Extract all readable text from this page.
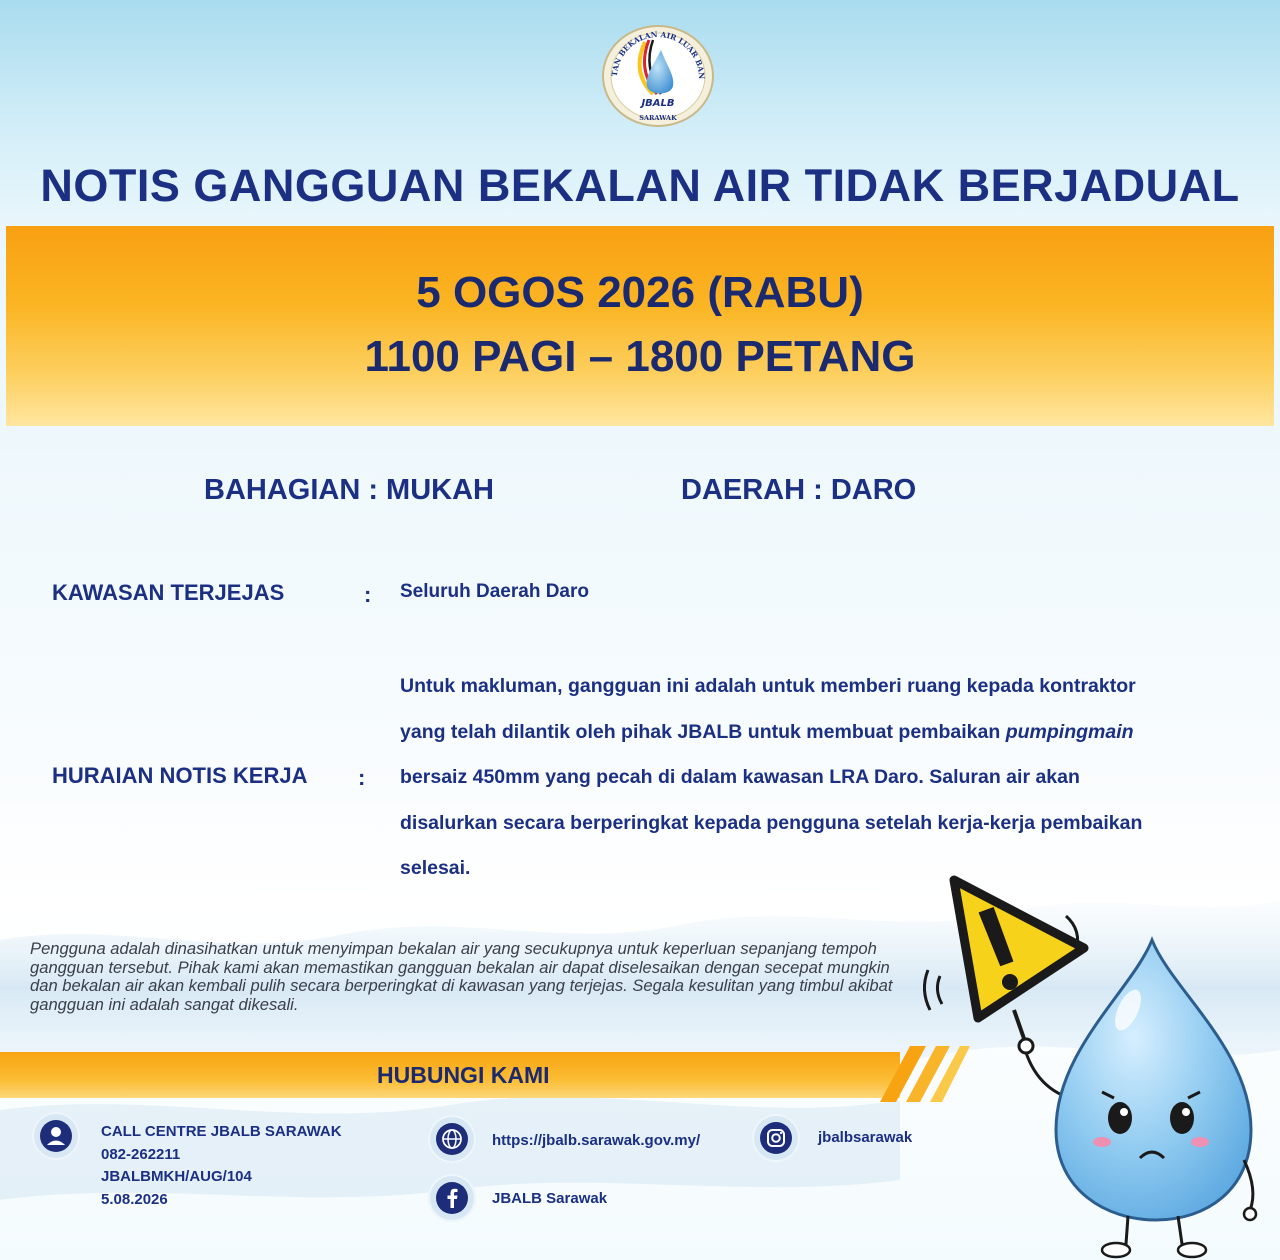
TAN BEKALAN AIR LUAR BAN
JBALB
SARAWAK
NOTIS GANGGUAN BEKALAN AIR TIDAK BERJADUAL
5 OGOS 2026 (RABU)
1100 PAGI – 1800 PETANG
BAHAGIAN : MUKAH	DAERAH : DARO
KAWASAN TERJEJAS	: Seluruh Daerah Daro
HURAIAN NOTIS KERJA :
Untuk makluman, gangguan ini adalah untuk memberi ruang kepada kontraktor
yang telah dilantik oleh pihak JBALB untuk membuat pembaikan pumpingmain
bersaiz 450mm yang pecah di dalam kawasan LRA Daro. Saluran air akan
disalurkan secara berperingkat kepada pengguna setelah kerja-kerja pembaikan
selesai.
Pengguna adalah dinasihatkan untuk menyimpan bekalan air yang secukupnya untuk keperluan sepanjang tempoh gangguan tersebut. Pihak kami akan memastikan gangguan bekalan air dapat diselesaikan dengan secepat mungkin dan bekalan air akan kembali pulih secara berperingkat di kawasan yang terjejas. Segala kesulitan yang timbul akibat gangguan ini adalah sangat dikesali.
HUBUNGI KAMI
CALL CENTRE JBALB SARAWAK
082-262211
JBALBMKH/AUG/104
5.08.2026
https://jbalb.sarawak.gov.my/
JBALB Sarawak
jbalbsarawak
